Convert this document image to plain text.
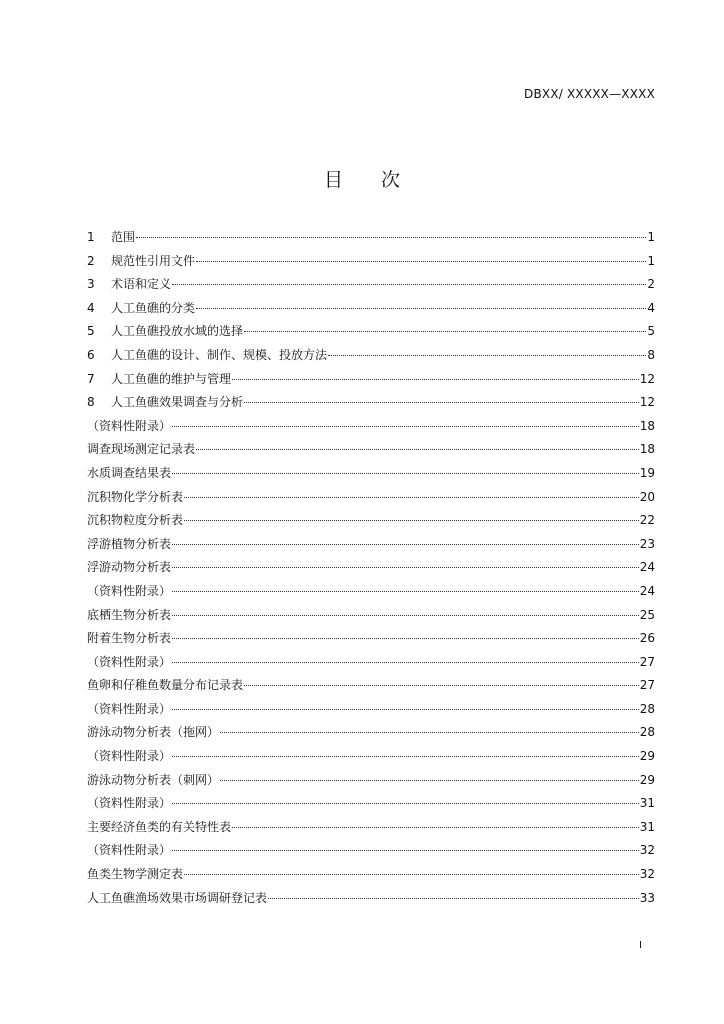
DBXX/ XXXXX—XXXX
目 次
1	范围	1
2	规范性引用文件	1
3	术语和定义	2
4	人工鱼礁的分类	4
5	人工鱼礁投放水域的选择	5
6	人工鱼礁的设计、制作、规模、投放方法	8
7	人工鱼礁的维护与管理	12
8	人工鱼礁效果调查与分析	12
（资料性附录）	18
调查现场测定记录表	18
水质调查结果表	19
沉积物化学分析表	20
沉积物粒度分析表	22
浮游植物分析表	23
浮游动物分析表	24
（资料性附录）	24
底栖生物分析表	25
附着生物分析表	26
（资料性附录）	27
鱼卵和仔稚鱼数量分布记录表	27
（资料性附录）	28
游泳动物分析表（拖网）	28
（资料性附录）	29
游泳动物分析表（刺网）	29
（资料性附录）	31
主要经济鱼类的有关特性表	31
（资料性附录）	32
鱼类生物学测定表	32
人工鱼礁渔场效果市场调研登记表	33
I
